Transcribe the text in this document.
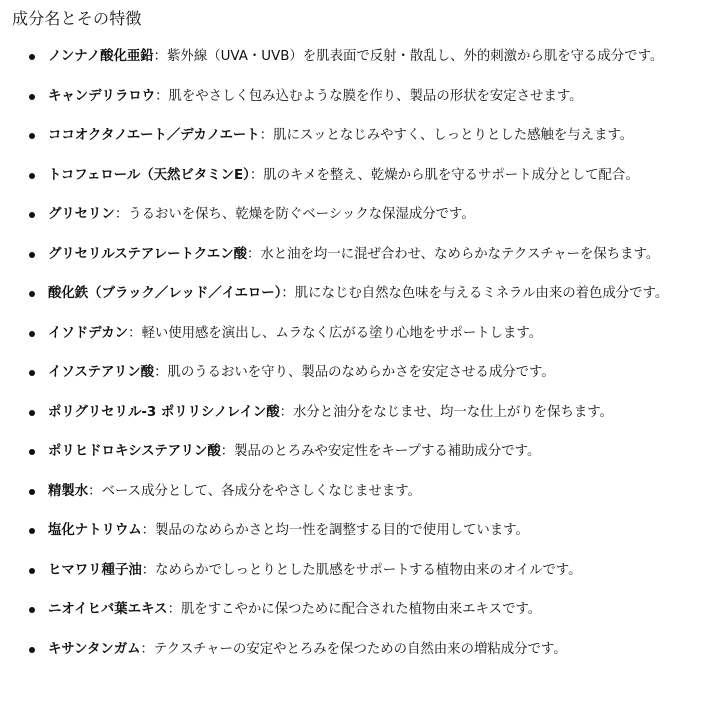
成分名とその特徴
ノンナノ酸化亜鉛：紫外線（UVA・UVB）を肌表面で反射・散乱し、外的刺激から肌を守る成分です。
キャンデリラロウ：肌をやさしく包み込むような膜を作り、製品の形状を安定させます。
ココオクタノエート／デカノエート：肌にスッとなじみやすく、しっとりとした感触を与えます。
トコフェロール（天然ビタミンE）：肌のキメを整え、乾燥から肌を守るサポート成分として配合。
グリセリン：うるおいを保ち、乾燥を防ぐベーシックな保湿成分です。
グリセリルステアレートクエン酸：水と油を均一に混ぜ合わせ、なめらかなテクスチャーを保ちます。
酸化鉄（ブラック／レッド／イエロー）：肌になじむ自然な色味を与えるミネラル由来の着色成分です。
イソドデカン：軽い使用感を演出し、ムラなく広がる塗り心地をサポートします。
イソステアリン酸：肌のうるおいを守り、製品のなめらかさを安定させる成分です。
ポリグリセリル-3 ポリリシノレイン酸：水分と油分をなじませ、均一な仕上がりを保ちます。
ポリヒドロキシステアリン酸：製品のとろみや安定性をキープする補助成分です。
精製水：ベース成分として、各成分をやさしくなじませます。
塩化ナトリウム：製品のなめらかさと均一性を調整する目的で使用しています。
ヒマワリ種子油：なめらかでしっとりとした肌感をサポートする植物由来のオイルです。
ニオイヒバ葉エキス：肌をすこやかに保つために配合された植物由来エキスです。
キサンタンガム：テクスチャーの安定やとろみを保つための自然由来の増粘成分です。
